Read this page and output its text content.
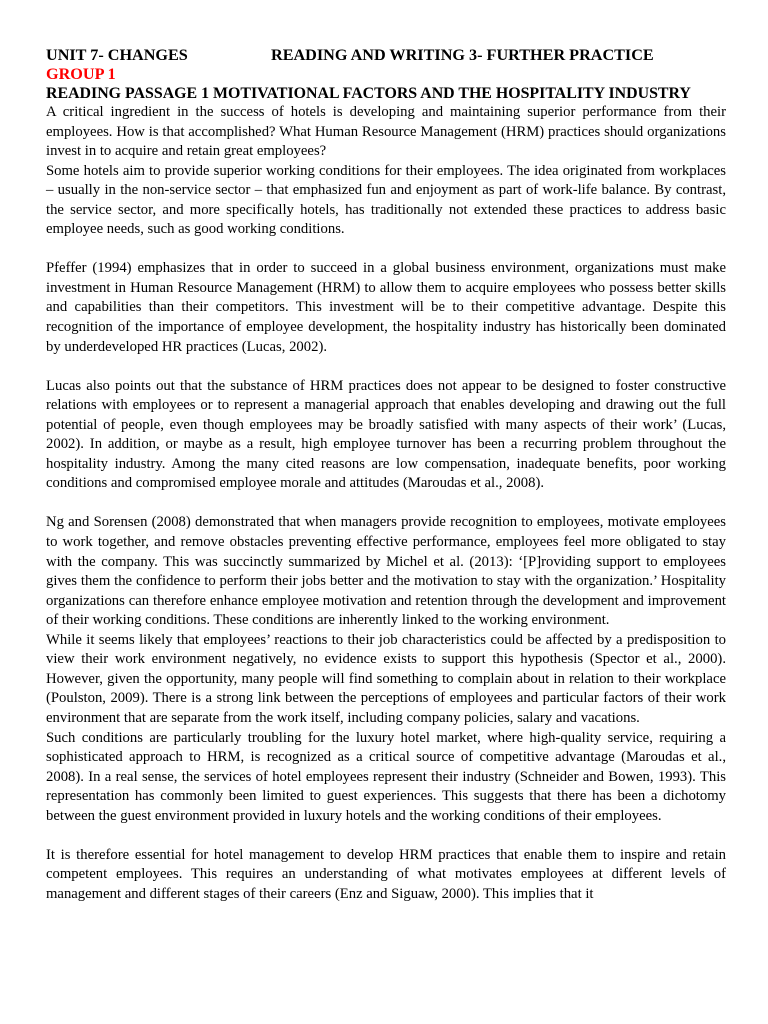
UNIT 7- CHANGES	READING AND WRITING 3- FURTHER PRACTICE
GROUP 1
READING PASSAGE 1 MOTIVATIONAL FACTORS AND THE HOSPITALITY INDUSTRY

A critical ingredient in the success of hotels is developing and maintaining superior performance from their employees. How is that accomplished? What Human Resource Management (HRM) practices should organizations invest in to acquire and retain great employees?

Some hotels aim to provide superior working conditions for their employees. The idea originated from workplaces – usually in the non-service sector – that emphasized fun and enjoyment as part of work-life balance. By contrast, the service sector, and more specifically hotels, has traditionally not extended these practices to address basic employee needs, such as good working conditions.

Pfeffer (1994) emphasizes that in order to succeed in a global business environment, organizations must make investment in Human Resource Management (HRM) to allow them to acquire employees who possess better skills and capabilities than their competitors. This investment will be to their competitive advantage. Despite this recognition of the importance of employee development, the hospitality industry has historically been dominated by underdeveloped HR practices (Lucas, 2002).

Lucas also points out that the substance of HRM practices does not appear to be designed to foster constructive relations with employees or to represent a managerial approach that enables developing and drawing out the full potential of people, even though employees may be broadly satisfied with many aspects of their work’ (Lucas, 2002). In addition, or maybe as a result, high employee turnover has been a recurring problem throughout the hospitality industry. Among the many cited reasons are low compensation, inadequate benefits, poor working conditions and compromised employee morale and attitudes (Maroudas et al., 2008).

Ng and Sorensen (2008) demonstrated that when managers provide recognition to employees, motivate employees to work together, and remove obstacles preventing effective performance, employees feel more obligated to stay with the company. This was succinctly summarized by Michel et al. (2013): ‘[P]roviding support to employees gives them the confidence to perform their jobs better and the motivation to stay with the organization.’ Hospitality organizations can therefore enhance employee motivation and retention through the development and improvement of their working conditions. These conditions are inherently linked to the working environment.

While it seems likely that employees’ reactions to their job characteristics could be affected by a predisposition to view their work environment negatively, no evidence exists to support this hypothesis (Spector et al., 2000). However, given the opportunity, many people will find something to complain about in relation to their workplace (Poulston, 2009). There is a strong link between the perceptions of employees and particular factors of their work environment that are separate from the work itself, including company policies, salary and vacations.

Such conditions are particularly troubling for the luxury hotel market, where high-quality service, requiring a sophisticated approach to HRM, is recognized as a critical source of competitive advantage (Maroudas et al., 2008). In a real sense, the services of hotel employees represent their industry (Schneider and Bowen, 1993). This representation has commonly been limited to guest experiences. This suggests that there has been a dichotomy between the guest environment provided in luxury hotels and the working conditions of their employees.

It is therefore essential for hotel management to develop HRM practices that enable them to inspire and retain competent employees. This requires an understanding of what motivates employees at different levels of management and different stages of their careers (Enz and Siguaw, 2000). This implies that it
